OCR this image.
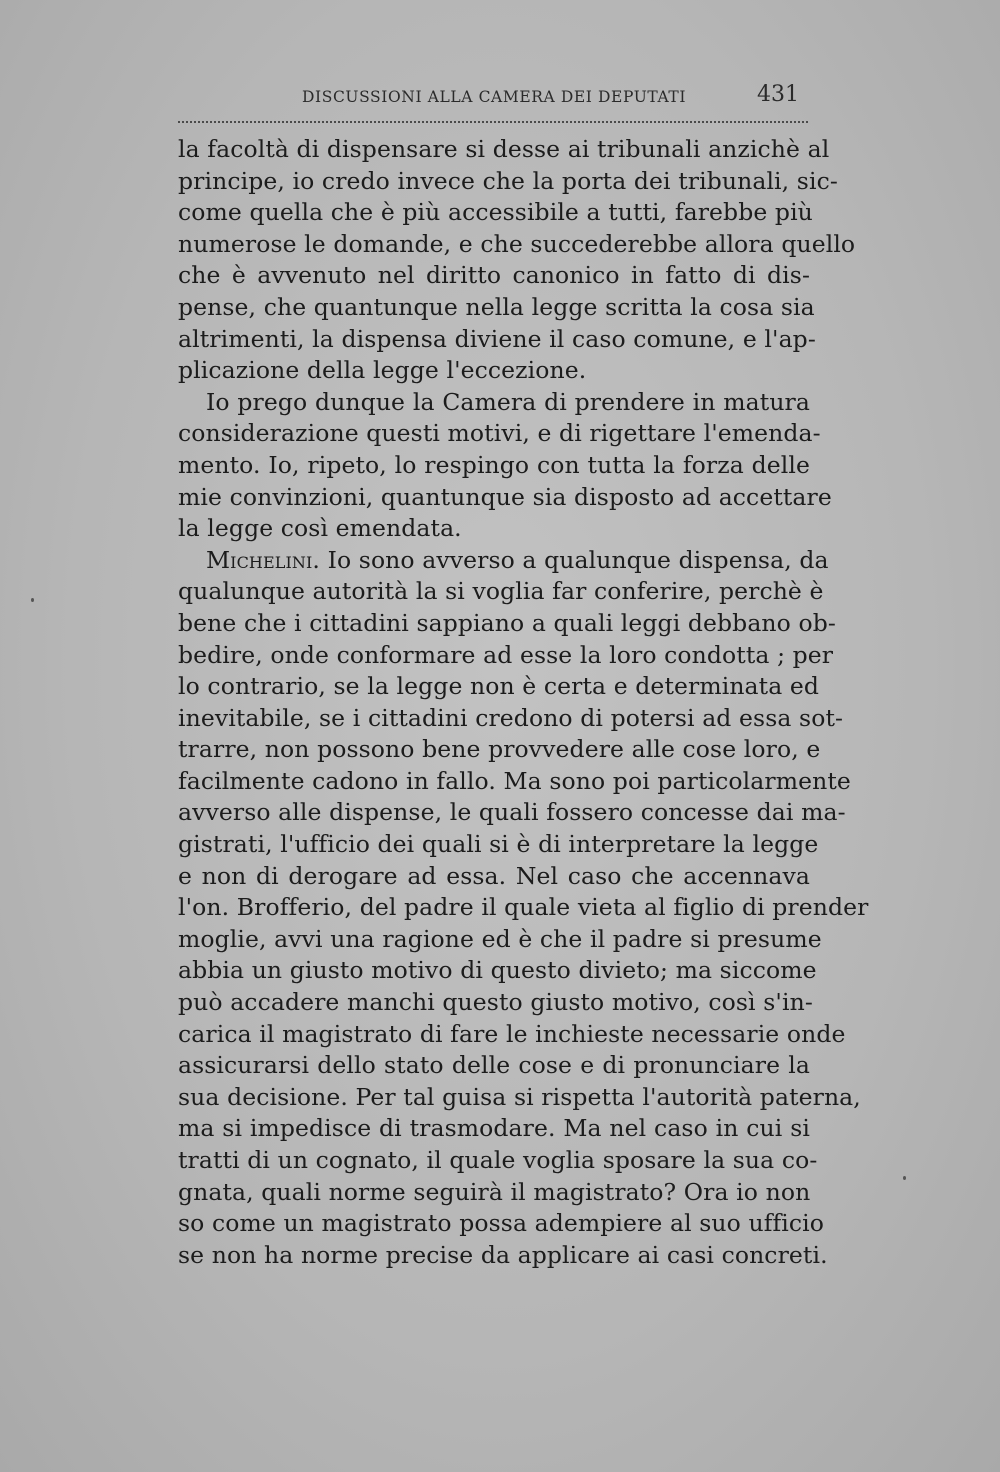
DISCUSSIONI ALLA CAMERA DEI DEPUTATI	431
la facoltà di dispensare si desse ai tribunali anzichè al
principe, io credo invece che la porta dei tribunali, sic-
come quella che è più accessibile a tutti, farebbe più
numerose le domande, e che succederebbe allora quello
che è avvenuto nel diritto canonico in fatto di dis-
pense, che quantunque nella legge scritta la cosa sia
altrimenti, la dispensa diviene il caso comune, e l'ap-
plicazione della legge l'eccezione.
Io prego dunque la Camera di prendere in matura
considerazione questi motivi, e di rigettare l'emenda-
mento. Io, ripeto, lo respingo con tutta la forza delle
mie convinzioni, quantunque sia disposto ad accettare
la legge così emendata.
Michelini. Io sono avverso a qualunque dispensa, da
qualunque autorità la si voglia far conferire, perchè è
bene che i cittadini sappiano a quali leggi debbano ob-
bedire, onde conformare ad esse la loro condotta ; per
lo contrario, se la legge non è certa e determinata ed
inevitabile, se i cittadini credono di potersi ad essa sot-
trarre, non possono bene provvedere alle cose loro, e
facilmente cadono in fallo. Ma sono poi particolarmente
avverso alle dispense, le quali fossero concesse dai ma-
gistrati, l'ufficio dei quali si è di interpretare la legge
e non di derogare ad essa. Nel caso che accennava
l'on. Brofferio, del padre il quale vieta al figlio di prender
moglie, avvi una ragione ed è che il padre si presume
abbia un giusto motivo di questo divieto; ma siccome
può accadere manchi questo giusto motivo, così s'in-
carica il magistrato di fare le inchieste necessarie onde
assicurarsi dello stato delle cose e di pronunciare la
sua decisione. Per tal guisa si rispetta l'autorità paterna,
ma si impedisce di trasmodare. Ma nel caso in cui si
tratti di un cognato, il quale voglia sposare la sua co-
gnata, quali norme seguirà il magistrato? Ora io non
so come un magistrato possa adempiere al suo ufficio
se non ha norme precise da applicare ai casi concreti.
